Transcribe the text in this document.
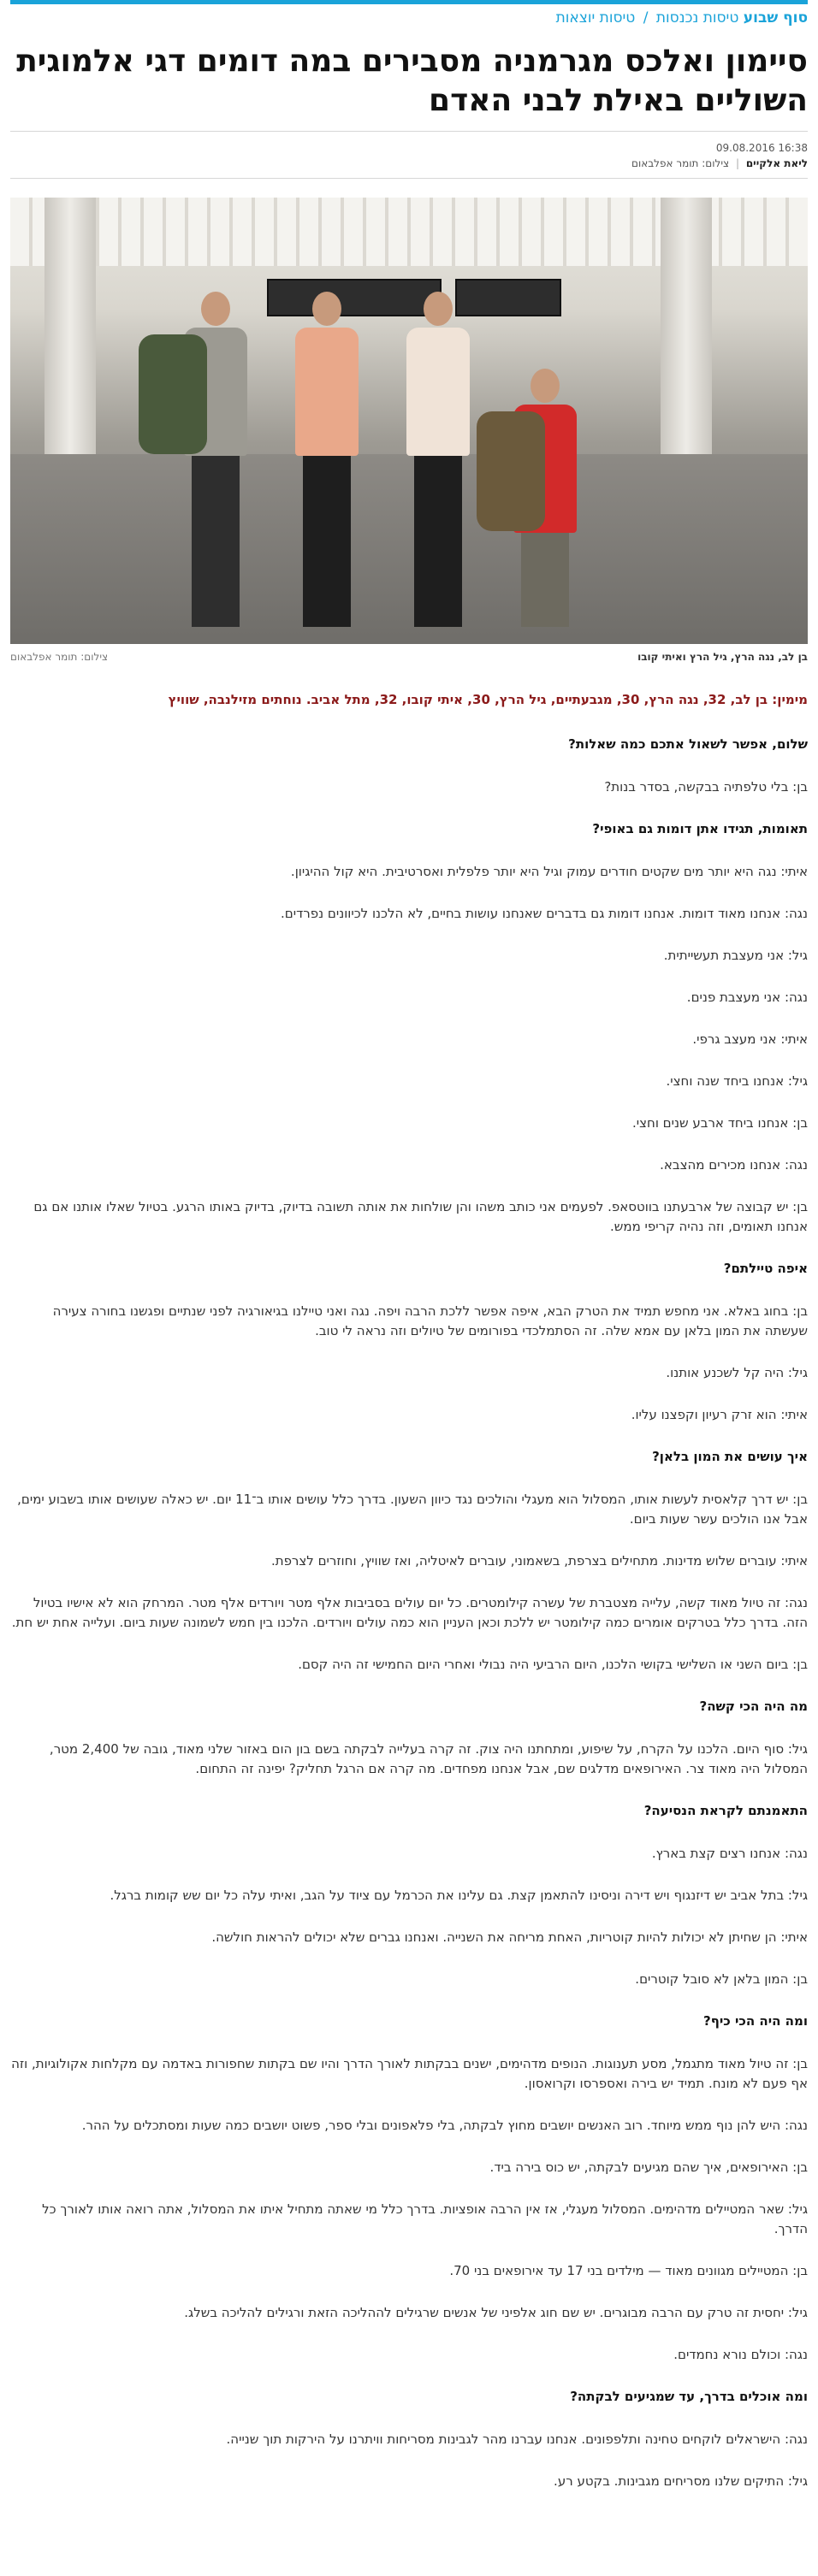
סוף שבוע טיסות נכנסות / טיסות יוצאות
סיימון ואלכס מגרמניה מסבירים במה דומים דגי אלמוגית השוליים באילת לבני האדם
09.08.2016 16:38
ליאת אלקיים | צילום: תומר אפלבאום
בן לב, נגה הרץ, גיל הרץ ואיתי קובו
צילום: תומר אפלבאום
מימין: בן לב, 32, נגה הרץ, 30, מגבעתיים, גיל הרץ, 30, איתי קובו, 32, מתל אביב. נוחתים מזילנבה, שוויץ
שלום, אפשר לשאול אתכם כמה שאלות?
בן: בלי טלפתיה בבקשה, בסדר בנות?
תאומות, תגידו אתן דומות גם באופי?
איתי: נגה היא יותר מים שקטים חודרים עמוק וגיל היא יותר פלפלית ואסרטיבית. היא קול ההיגיון.
נגה: אנחנו מאוד דומות. אנחנו דומות גם בדברים שאנחנו עושות בחיים, לא הלכנו לכיוונים נפרדים.
גיל: אני מעצבת תעשייתית.
נגה: אני מעצבת פנים.
איתי: אני מעצב גרפי.
גיל: אנחנו ביחד שנה וחצי.
בן: אנחנו ביחד ארבע שנים וחצי.
נגה: אנחנו מכירים מהצבא.
בן: יש קבוצה של ארבעתנו בווטסאפ. לפעמים אני כותב משהו והן שולחות את אותה תשובה בדיוק, בדיוק באותו הרגע. בטיול שאלו אותנו אם גם אנחנו תאומים, וזה נהיה קריפי ממש.
איפה טיילתם?
בן: בחוג באלא. אני מחפש תמיד את הטרק הבא, איפה אפשר ללכת הרבה ויפה. נגה ואני טיילנו בגיאורגיה לפני שנתיים ופגשנו בחורה צעירה שעשתה את המון בלאן עם אמא שלה. זה הסתמלכדי בפורומים של טיולים וזה נראה לי טוב.
גיל: היה קל לשכנע אותנו.
איתי: הוא זרק רעיון וקפצנו עליו.
איך עושים את המון בלאן?
בן: יש דרך קלאסית לעשות אותו, המסלול הוא מעגלי והולכים נגד כיוון השעון. בדרך כלל עושים אותו ב־11 יום. יש כאלה שעושים אותו בשבוע ימים, אבל אנו הולכים עשר שעות ביום.
איתי: עוברים שלוש מדינות. מתחילים בצרפת, בשאמוני, עוברים לאיטליה, ואז שוויץ, וחוזרים לצרפת.
נגה: זה טיול מאוד קשה, עלייה מצטברת של עשרה קילומטרים. כל יום עולים בסביבות אלף מטר ויורדים אלף מטר. המרחק הוא לא אישיו בטיול הזה. בדרך כלל בטרקים אומרים כמה קילומטר יש ללכת וכאן העניין הוא כמה עולים ויורדים. הלכנו בין חמש לשמונה שעות ביום. ועלייה אחת יש חת.
בן: ביום השני או השלישי בקושי הלכנו, היום הרביעי היה נבולי ואחרי היום החמישי זה היה קסם.
מה היה הכי קשה?
גיל: סוף היום. הלכנו על הקרח, על שיפוע, ומתחתנו היה צוק. זה קרה בעלייה לבקתה בשם בון הום באזור שלני מאוד, גובה של 2,400 מטר, המסלול היה מאוד צר. האירופאים מדלגים שם, אבל אנחנו מפחדים. מה קרה אם הרגל תחליק? יפינה זה התחום.
התאמנתם לקראת הנסיעה?
נגה: אנחנו רצים קצת בארץ.
גיל: בתל אביב יש דיזנגוף ויש דירה וניסינו להתאמן קצת. גם עלינו את הכרמל עם ציוד על הגב, ואיתי עלה כל יום שש קומות ברגל.
איתי: הן שחיתן לא יכולות להיות קוטריות, האחת מריחה את השנייה. ואנחנו גברים שלא יכולים להראות חולשה.
בן: המון בלאן לא סובל קוטרים.
ומה היה הכי כיף?
בן: זה טיול מאוד מתגמל, מסע תענוגות. הנופים מדהימים, ישנים בבקתות לאורך הדרך והיו שם בקתות שחפורות באדמה עם מקלחות אקולוגיות, וזה אף פעם לא מונח. תמיד יש בירה ואספרסו וקרואסון.
נגה: היש להן נוף ממש מיוחד. רוב האנשים יושבים מחוץ לבקתה, בלי פלאפונים ובלי ספר, פשוט יושבים כמה שעות ומסתכלים על ההר.
בן: האירופאים, איך שהם מגיעים לבקתה, יש כוס בירה ביד.
גיל: שאר המטיילים מדהימים. המסלול מעגלי, אז אין הרבה אופציות. בדרך כלל מי שאתה מתחיל איתו את המסלול, אתה רואה אותו לאורך כל הדרך.
בן: המטיילים מגוונים מאוד — מילדים בני 17 עד אירופאים בני 70.
גיל: יחסית זה טרק עם הרבה מבוגרים. יש שם חוג אלפיני של אנשים שרגילים לההליכה הזאת ורגילים להליכה בשלג.
נגה: וכולם נורא נחמדים.
ומה אוכלים בדרך, עד שמגיעים לבקתה?
נגה: הישראלים לוקחים טחינה ותלפפונים. אנחנו עברנו מהר לגבינות מסריחות וויתרנו על הירקות תוך שנייה.
גיל: התיקים שלנו מסריחים מגבינות. בקטע רע.
